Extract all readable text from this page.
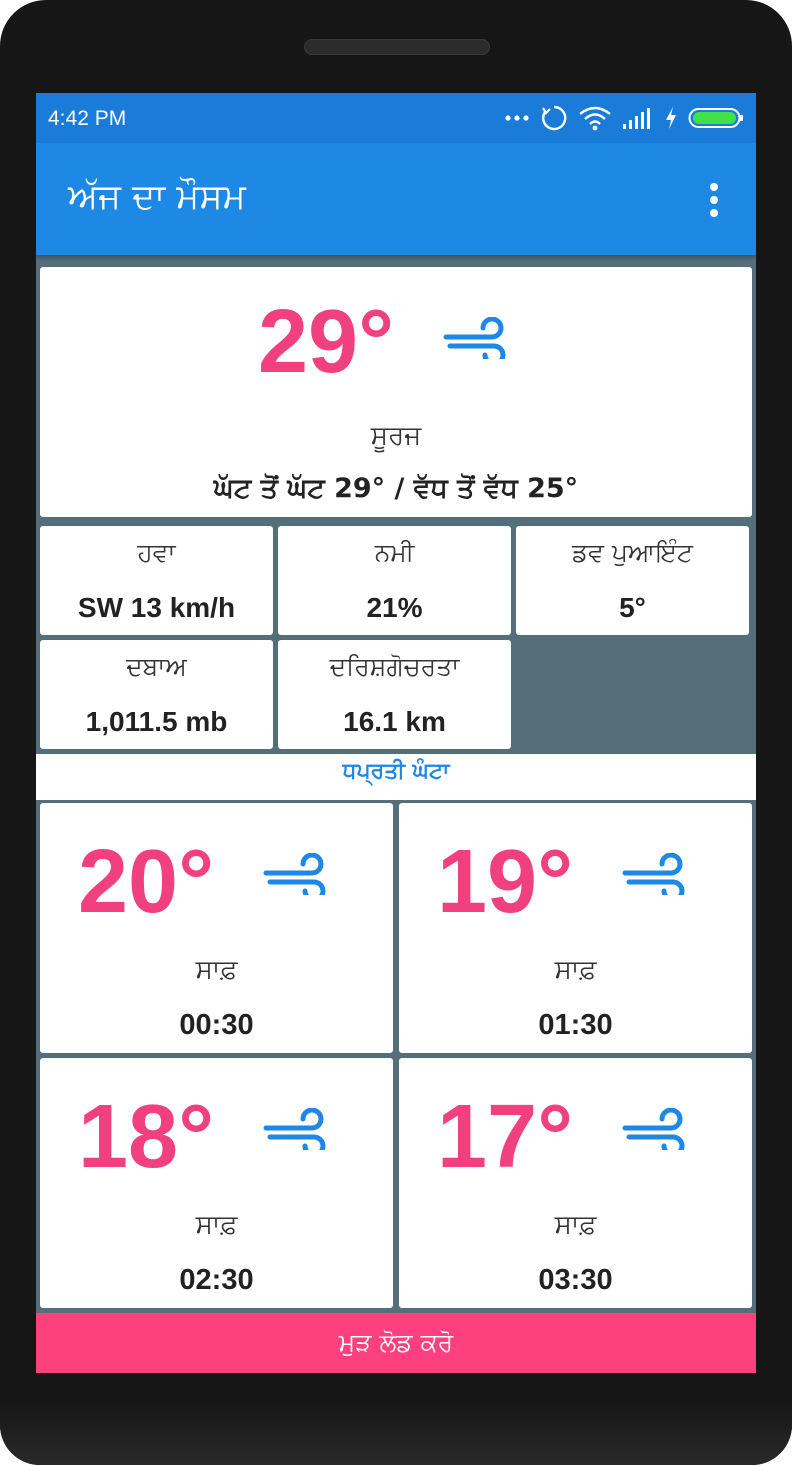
4:42 PM
ਅੱਜ ਦਾ ਮੌਸਮ
29°
ਸੂਰਜ
ਘੱਟ ਤੋਂ ਘੱਟ 29° / ਵੱਧ ਤੋਂ ਵੱਧ 25°
ਹਵਾ
SW 13 km/h
ਨਮੀ
21%
ਡਵ ਪੁਆਇੰਟ
5°
ਦਬਾਅ
1,011.5 mb
ਦਰਿਸ਼ਗੋਚਰਤਾ
16.1 km
ਧਪ੍ਰਤੀ ਘੰਟਾ
20°
ਸਾਫ਼
00:30
19°
ਸਾਫ਼
01:30
18°
ਸਾਫ਼
02:30
17°
ਸਾਫ਼
03:30
ਮੁੜ ਲੋਡ ਕਰੋ
